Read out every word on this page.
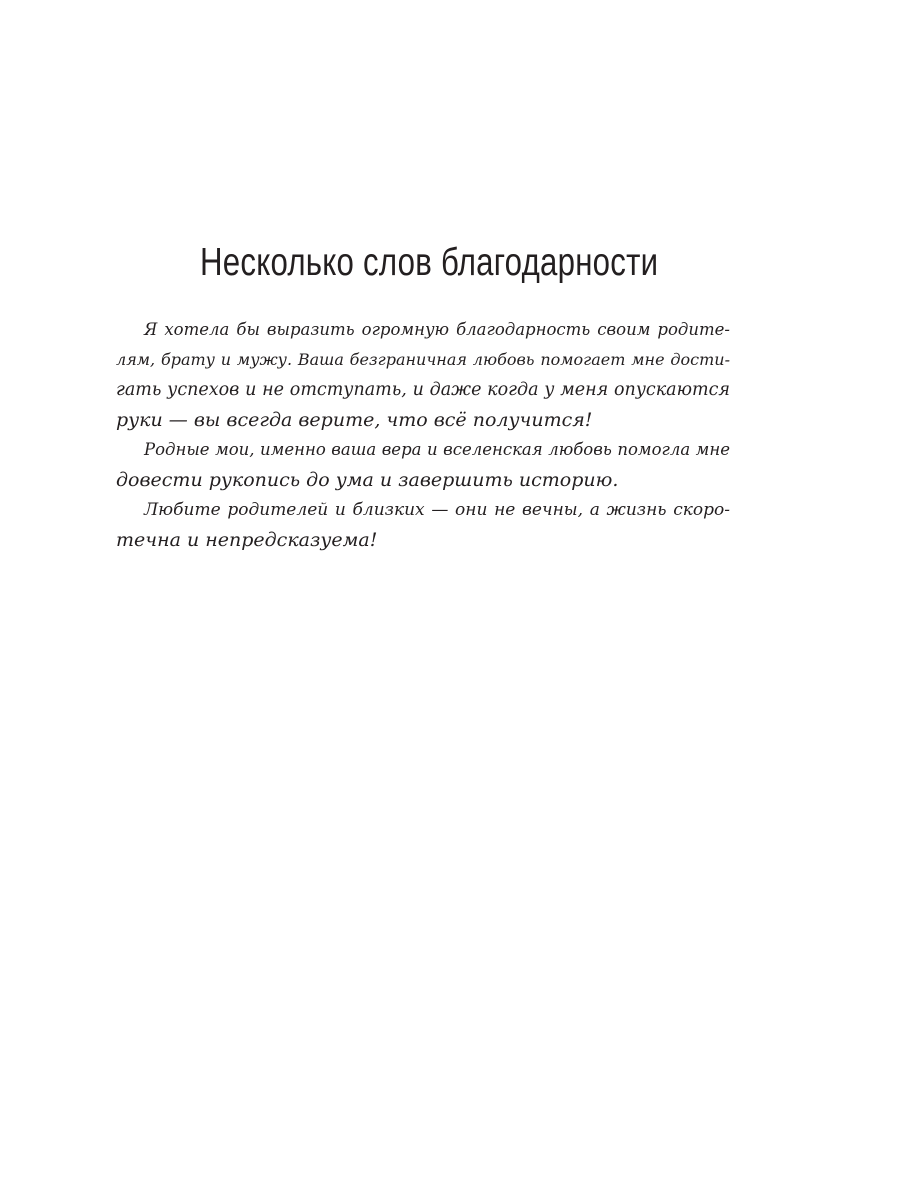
Несколько слов благодарности
Я хотела бы выразить огромную благодарность своим родите-
лям, брату и мужу. Ваша безграничная любовь помогает мне дости-
гать успехов и не отступать, и даже когда у меня опускаются
руки — вы всегда верите, что всё получится!
Родные мои, именно ваша вера и вселенская любовь помогла мне
довести рукопись до ума и завершить историю.
Любите родителей и близких — они не вечны, а жизнь скоро-
течна и непредсказуема!
